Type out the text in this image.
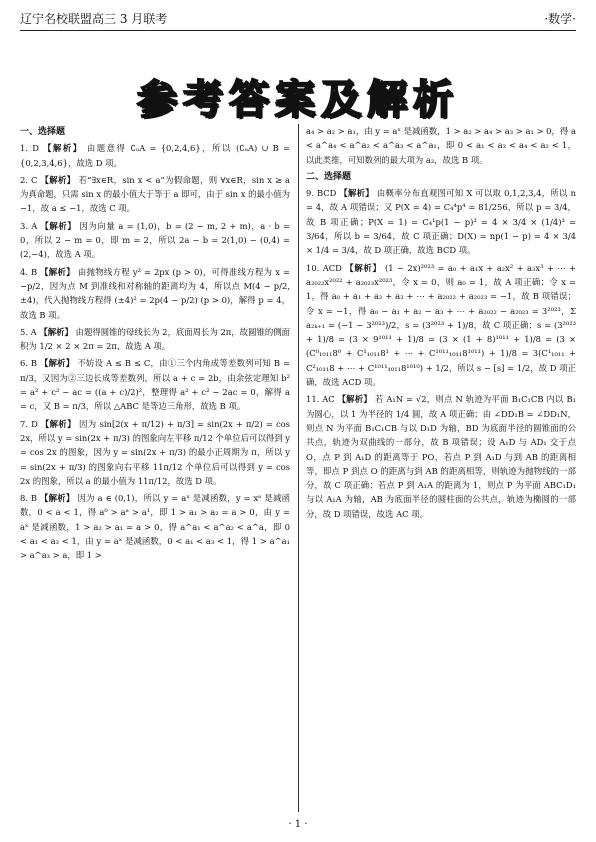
辽宁名校联盟高三 3 月联考	·数学·
参考答案及解析
一、选择题

1. D 【解析】 由题意得 ∁ᵤA = {0,2,4,6}，所以 (∁ᵤA) ∪ B = {0,2,3,4,6}，故选 D 项。

2. C 【解析】 若“∃x∈R，sin x < a”为假命题，则 ∀x∈R，sin x ≥ a 为真命题，只需 sin x 的最小值大于等于 a 即可，由于 sin x 的最小值为 −1，故 a ≤ −1，故选 C 项。

3. A 【解析】 因为向量 a = (1,0)，b = (2 − m, 2 + m)，a · b = 0，所以 2 − m = 0，即 m = 2，所以 2a − b = 2(1,0) − (0,4) = (2,−4)，故选 A 项。

4. B 【解析】 由抛物线方程 y² = 2px (p > 0)，可得准线方程为 x = −p/2，因为点 M 到准线和对称轴的距离均为 4，所以点 M(4 − p/2, ±4)，代入抛物线方程得 (±4)² = 2p(4 − p/2) (p > 0)，解得 p = 4，故选 B 项。

5. A 【解析】 由题得圆锥的母线长为 2，底面周长为 2π，故圆锥的侧面积为 1/2 × 2 × 2π = 2π，故选 A 项。

6. B 【解析】 不妨设 A ≤ B ≤ C，由①三个内角成等差数列可知 B = π/3，又因为②三边长成等差数列，所以 a + c = 2b，由余弦定理知 b² = a² + c² − ac = ((a + c)/2)²，整理得 a² + c² − 2ac = 0，解得 a = c，又 B = π/3，所以 △ABC 是等边三角形，故选 B 项。

7. D 【解析】 因为 sin[2(x + π/12) + π/3] = sin(2x + π/2) = cos 2x，所以 y = sin(2x + π/3) 的图象向左平移 π/12 个单位后可以得到 y = cos 2x 的图象，因为 y = sin(2x + π/3) 的最小正周期为 π，所以 y = sin(2x + π/3) 的图象向右平移 11π/12 个单位后可以得到 y = cos 2x 的图象，所以 a 的最小值为 11π/12，故选 D 项。

8. B 【解析】 因为 a ∈ (0,1)，所以 y = aˣ 是减函数，y = xᵃ 是减函数，0 < a < 1，得 a⁰ > aᵃ > a¹，即 1 > a₁ > a₂ = a > 0，由 y = aˣ 是减函数，1 > a₂ > a₁ = a > 0，得 a^a₁ < a^a₂ < a^a，即 0 < a₁ < a₃ < 1，由 y = aˣ 是减函数，0 < a₁ < a₃ < 1，得 1 > a^a₁ > a^a₃ > a，即 1 >

a₄ > a₂ > a₁，由 y = aˣ 是减函数，1 > a₂ > a₄ > a₃ > a₁ > 0，得 a < a^a₄ < a^a₂ < a^a₃ < a^a₁，即 0 < a₁ < a₃ < a₄ < a₂ < 1，以此类推，可知数列的最大项为 a₂，故选 B 项。

二、选择题

9. BCD 【解析】 由概率分布直观图可知 X 可以取 0,1,2,3,4，所以 n = 4，故 A 项错误；又 P(X = 4) = C₄⁴p⁴ = 81/256，所以 p = 3/4，故 B 项正确；P(X = 1) = C₄¹p(1 − p)³ = 4 × 3/4 × (1/4)³ = 3/64，所以 b = 3/64，故 C 项正确；D(X) = np(1 − p) = 4 × 3/4 × 1/4 = 3/4，故 D 项正确，故选 BCD 项。

10. ACD 【解析】 (1 − 2x)²⁰²³ = a₀ + a₁x + a₂x² + a₃x³ + ⋯ + a₂₀₂₂x²⁰²² + a₂₀₂₃x²⁰²³，令 x = 0，则 a₀ = 1，故 A 项正确；令 x = 1，得 a₀ + a₁ + a₂ + a₃ + ⋯ + a₂₀₂₂ + a₂₀₂₃ = −1，故 B 项错误；令 x = −1，得 a₀ − a₁ + a₂ − a₃ + ⋯ + a₂₀₂₂ − a₂₀₂₃ = 3²⁰²³，Σ a₂ₖ₊₁ = (−1 − 3²⁰²³)/2，s = (3²⁰²³ + 1)/8，故 C 项正确；s = (3²⁰²³ + 1)/8 = (3 × 9¹⁰¹¹ + 1)/8 = (3 × (1 + 8)¹⁰¹¹ + 1)/8 = (3 × (C⁰₁₀₁₁8⁰ + C¹₁₀₁₁8¹ + ⋯ + C¹⁰¹¹₁₀₁₁8¹⁰¹¹) + 1)/8 = 3(C¹₁₀₁₁ + C²₁₀₁₁8 + ⋯ + C¹⁰¹¹₁₀₁₁8¹⁰¹⁰) + 1/2，所以 s − [s] = 1/2，故 D 项正确，故选 ACD 项。

11. AC 【解析】 若 A₁N = √2，则点 N 轨迹为平面 B₁C₁CB 内以 B₁ 为圆心，以 1 为半径的 1/4 圆，故 A 项正确；由 ∠DD₁B = ∠DD₁N，则点 N 为平面 B₁C₁CB 与以 D₁D 为轴，BD 为底面半径的圆锥面的公共点，轨迹为双曲线的一部分，故 B 项错误；设 A₁D 与 AD₁ 交于点 O，点 P 到 A₁D 的距离等于 PO，若点 P 到 A₁D 与到 AB 的距离相等，即点 P 到点 O 的距离与到 AB 的距离相等，则轨迹为抛物线的一部分，故 C 项正确；若点 P 到 A₁A 的距离为 1，则点 P 为平面 ABC₁D₁ 与以 A₁A 为轴，AB 为底面半径的圆柱面的公共点，轨迹为椭圆的一部分，故 D 项错误，故选 AC 项。

· 1 ·
